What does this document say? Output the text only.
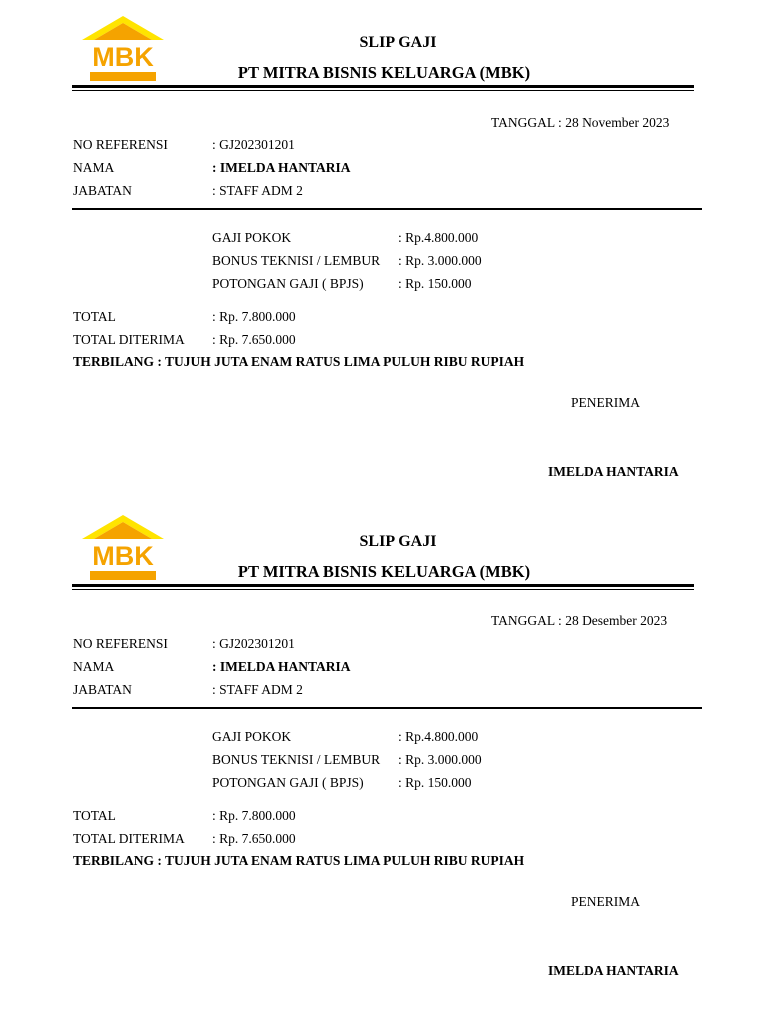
MBK	SLIP GAJI
PT MITRA BISNIS KELUARGA (MBK)
TANGGAL : 28 November 2023
NO REFERENSI	: GJ202301201
NAMA	: IMELDA HANTARIA
JABATAN	: STAFF ADM 2
GAJI POKOK	: Rp.4.800.000
BONUS TEKNISI / LEMBUR : Rp. 3.000.000
POTONGAN GAJI ( BPJS)	: Rp. 150.000
TOTAL	: Rp. 7.800.000
TOTAL DITERIMA : Rp. 7.650.000
TERBILANG : TUJUH JUTA ENAM RATUS LIMA PULUH RIBU RUPIAH
PENERIMA
IMELDA HANTARIA
MBK	SLIP GAJI
PT MITRA BISNIS KELUARGA (MBK)
TANGGAL : 28 Desember 2023
NO REFERENSI	: GJ202301201
NAMA	: IMELDA HANTARIA
JABATAN	: STAFF ADM 2
GAJI POKOK	: Rp.4.800.000
BONUS TEKNISI / LEMBUR : Rp. 3.000.000
POTONGAN GAJI ( BPJS)	: Rp. 150.000
TOTAL	: Rp. 7.800.000
TOTAL DITERIMA : Rp. 7.650.000
TERBILANG : TUJUH JUTA ENAM RATUS LIMA PULUH RIBU RUPIAH
PENERIMA
IMELDA HANTARIA
